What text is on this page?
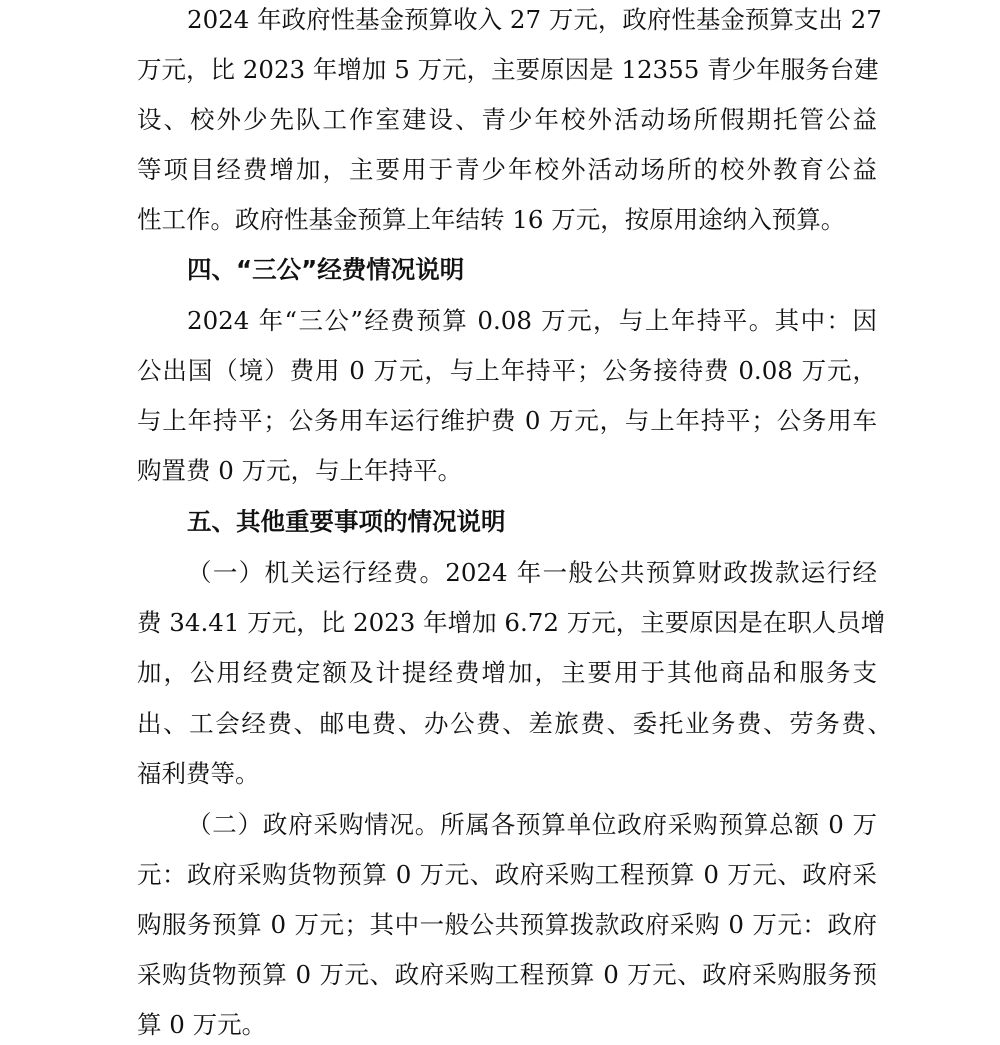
2024 年政府性基金预算收入 27 万元，政府性基金预算支出 27
万元，比 2023 年增加 5 万元，主要原因是 12355 青少年服务台建
设、校外少先队工作室建设、青少年校外活动场所假期托管公益
等项目经费增加，主要用于青少年校外活动场所的校外教育公益
性工作。政府性基金预算上年结转 16 万元，按原用途纳入预算。
四、“三公”经费情况说明
2024 年“三公”经费预算 0.08 万元，与上年持平。其中：因
公出国（境）费用 0 万元，与上年持平；公务接待费 0.08 万元，
与上年持平；公务用车运行维护费 0 万元，与上年持平；公务用车
购置费 0 万元，与上年持平。
五、其他重要事项的情况说明
（一）机关运行经费。2024 年一般公共预算财政拨款运行经
费 34.41 万元，比 2023 年增加 6.72 万元，主要原因是在职人员增
加，公用经费定额及计提经费增加，主要用于其他商品和服务支
出、工会经费、邮电费、办公费、差旅费、委托业务费、劳务费、
福利费等。
（二）政府采购情况。所属各预算单位政府采购预算总额 0 万
元：政府采购货物预算 0 万元、政府采购工程预算 0 万元、政府采
购服务预算 0 万元；其中一般公共预算拨款政府采购 0 万元：政府
采购货物预算 0 万元、政府采购工程预算 0 万元、政府采购服务预
算 0 万元。
